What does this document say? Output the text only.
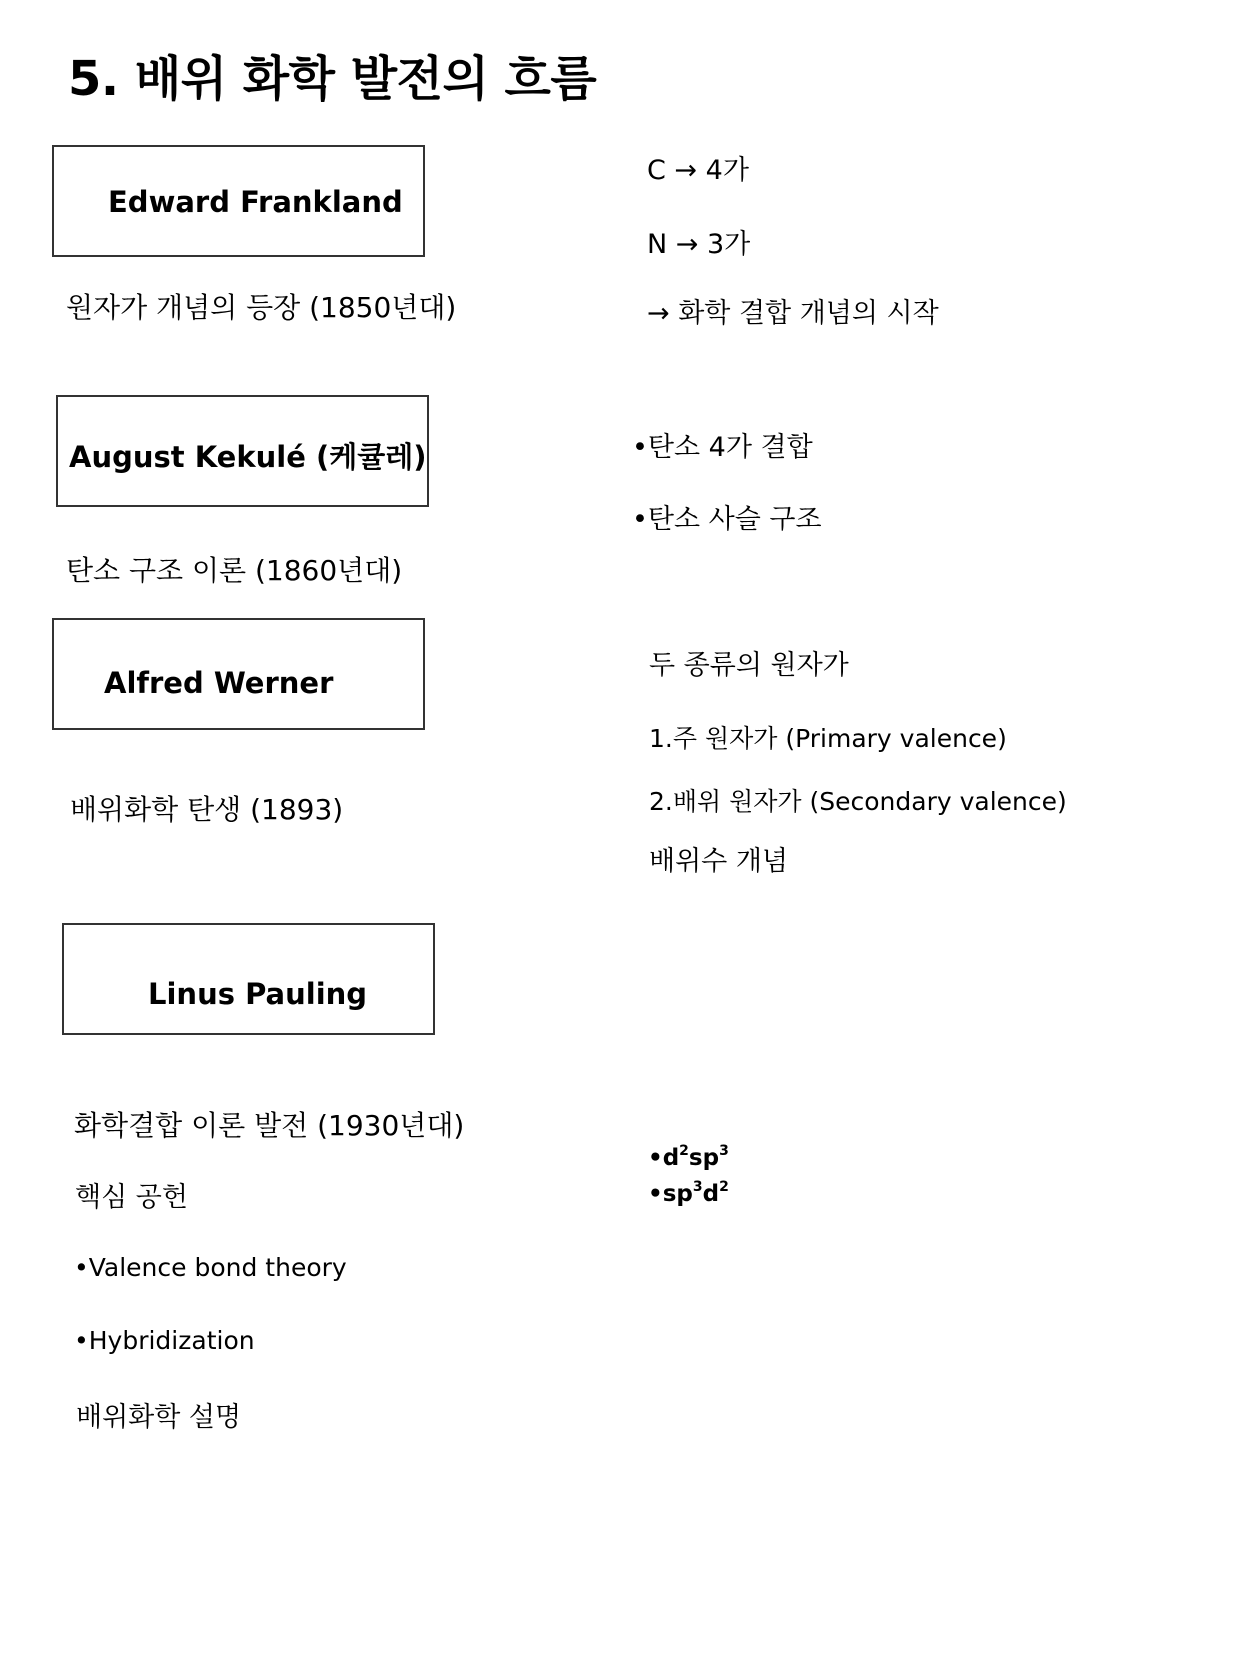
5. 배위 화학 발전의 흐름
Edward Frankland
원자가 개념의 등장 (1850년대)
C → 4가
N → 3가
→ 화학 결합 개념의 시작
August Kekulé (케큘레)
탄소 구조 이론 (1860년대)
•탄소 4가 결합
•탄소 사슬 구조
Alfred Werner
배위화학 탄생 (1893)
두 종류의 원자가
1.주 원자가 (Primary valence)
2.배위 원자가 (Secondary valence)
배위수 개념
Linus Pauling
화학결합 이론 발전 (1930년대)
핵심 공헌
•Valence bond theory
•Hybridization
배위화학 설명
$•d^2sp^3$
$•sp^3d^2$
